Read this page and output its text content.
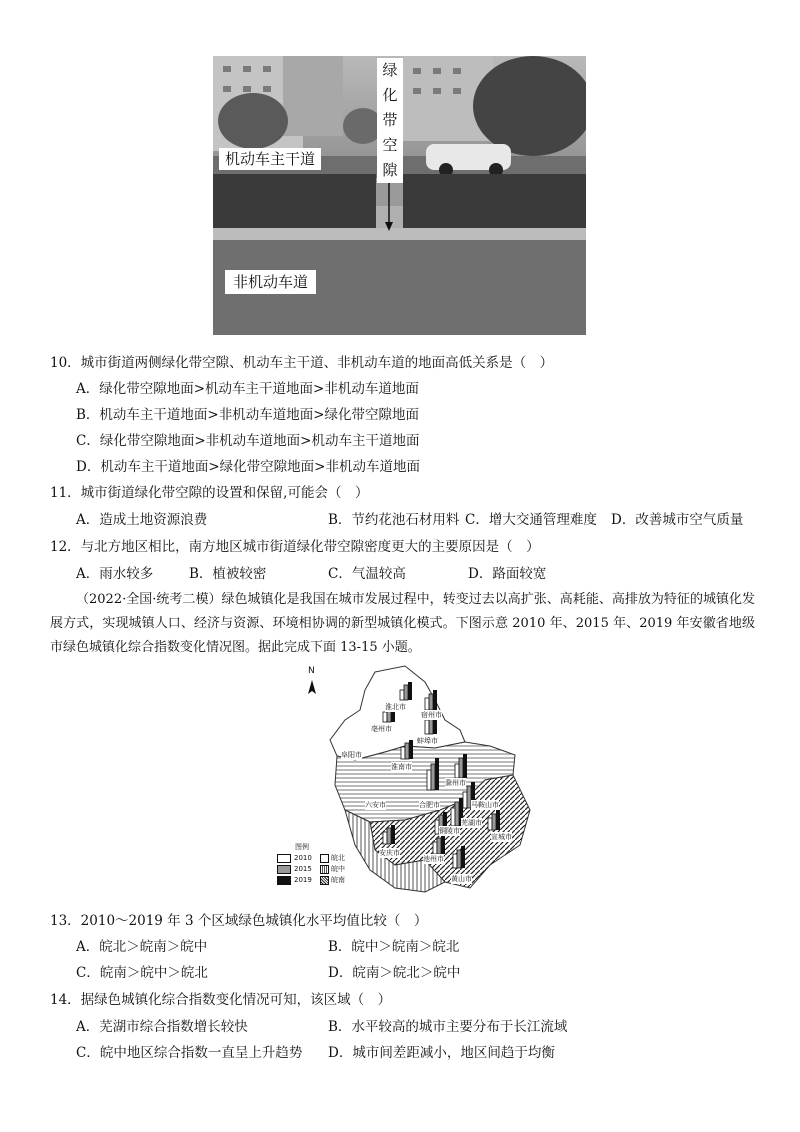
机动车主干道
绿
化
带
空
隙
非机动车道
10．城市街道两侧绿化带空隙、机动车主干道、非机动车道的地面高低关系是（　）
A．绿化带空隙地面>机动车主干道地面>非机动车道地面
B．机动车主干道地面>非机动车道地面>绿化带空隙地面
C．绿化带空隙地面>非机动车道地面>机动车主干道地面
D．机动车主干道地面>绿化带空隙地面>非机动车道地面
11．城市街道绿化带空隙的设置和保留,可能会（　）
A．造成土地资源浪费	B．节约花池石材用料 C．增大交通管理难度 D．改善城市空气质量
12．与北方地区相比，南方地区城市街道绿化带空隙密度更大的主要原因是（　）
A．雨水较多	B．植被较密	C．气温较高	D．路面较宽
（2022·全国·统考二模）绿色城镇化是我国在城市发展过程中，转变过去以高扩张、高耗能、高排放为特征的城镇化发展方式，实现城镇人口、经济与资源、环境相协调的新型城镇化模式。下图示意 2010 年、2015 年、2019 年安徽省地级市绿色城镇化综合指数变化情况图。据此完成下面 13-15 小题。
N
淮北市
宿州市
亳州市
蚌埠市
阜阳市
淮南市
滁州市
六安市	合肥市	马鞍山市
芜湖市
宣城市
铜陵市
池州市
安庆市
黄山市
图例
2010	皖北
2015	皖中
2019	皖南
13．2010～2019 年 3 个区域绿色城镇化水平均值比较（　）
A．皖北＞皖南＞皖中	B．皖中＞皖南＞皖北
C．皖南＞皖中＞皖北	D．皖南＞皖北＞皖中
14．据绿色城镇化综合指数变化情况可知，该区域（　）
A．芜湖市综合指数增长较快	B．水平较高的城市主要分布于长江流域
C．皖中地区综合指数一直呈上升趋势 D．城市间差距减小，地区间趋于均衡
